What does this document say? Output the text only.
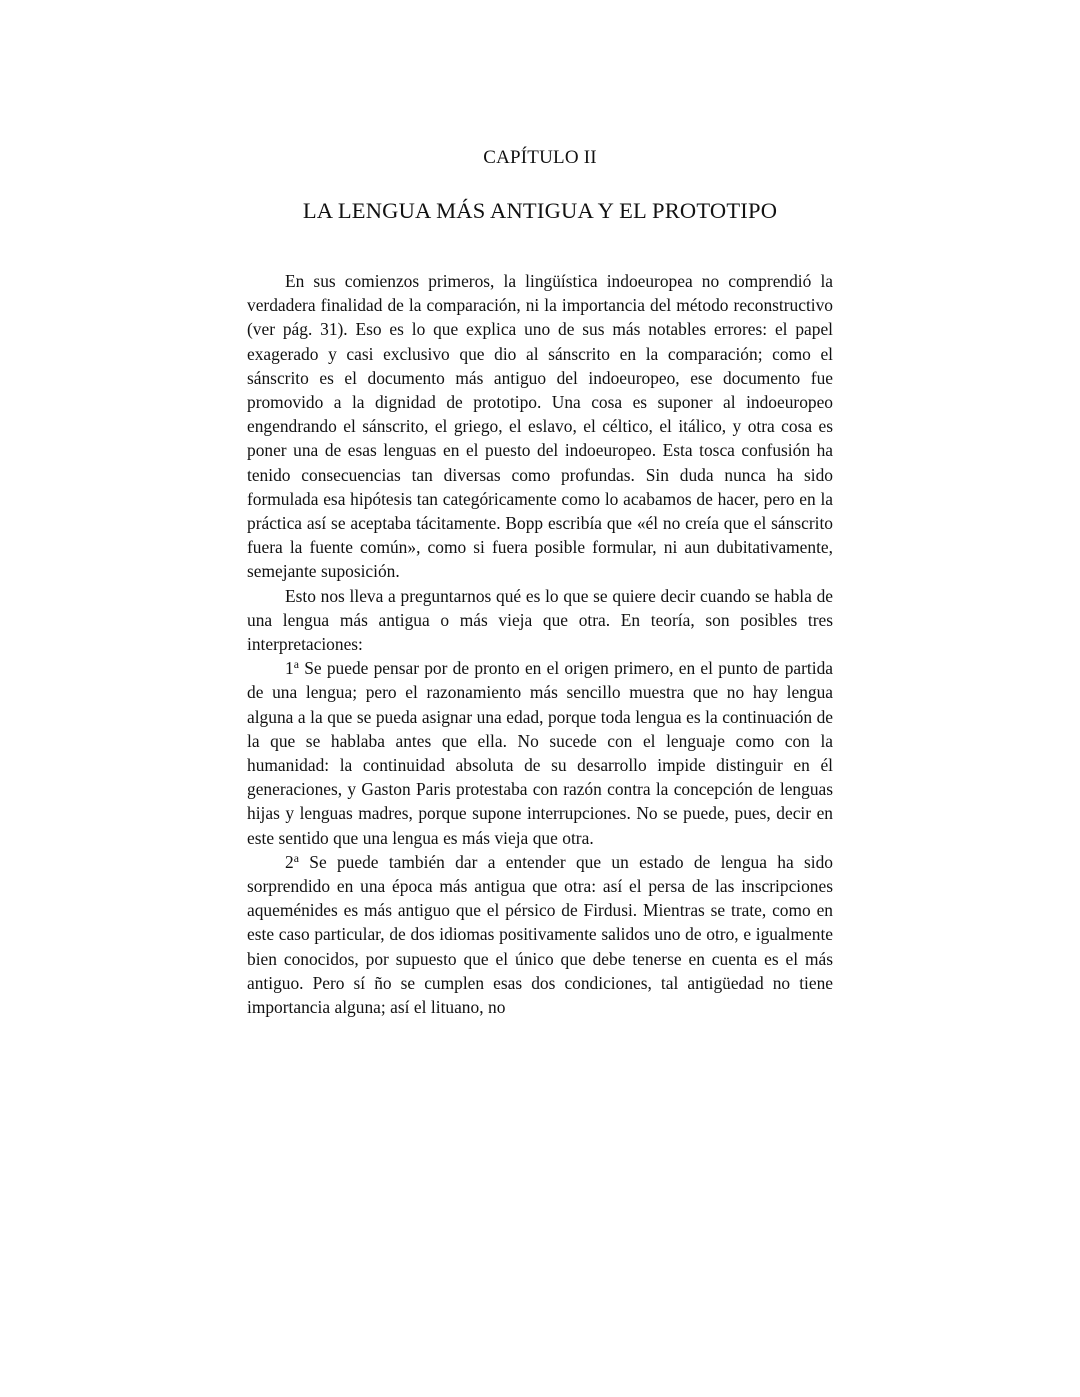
CAPÍTULO II
LA LENGUA MÁS ANTIGUA Y EL PROTOTIPO

En sus comienzos primeros, la lingüística indoeuropea no comprendió la verdadera finalidad de la comparación, ni la importancia del método reconstructivo (ver pág. 31). Eso es lo que explica uno de sus más notables errores: el papel exagerado y casi exclusivo que dio al sánscrito en la comparación; como el sánscrito es el documento más antiguo del indoeuropeo, ese documento fue promovido a la dignidad de prototipo. Una cosa es suponer al indoeuropeo engendrando el sánscrito, el griego, el eslavo, el céltico, el itálico, y otra cosa es poner una de esas lenguas en el puesto del indoeuropeo. Esta tosca confusión ha tenido consecuencias tan diversas como profundas. Sin duda nunca ha sido formulada esa hipótesis tan categóricamente como lo acabamos de hacer, pero en la práctica así se aceptaba tácitamente. Bopp escribía que «él no creía que el sánscrito fuera la fuente común», como si fuera posible formular, ni aun dubitativamente, semejante suposición.

Esto nos lleva a preguntarnos qué es lo que se quiere decir cuando se habla de una lengua más antigua o más vieja que otra. En teoría, son posibles tres interpretaciones:

1$^a$ Se puede pensar por de pronto en el origen primero, en el punto de partida de una lengua; pero el razonamiento más sencillo muestra que no hay lengua alguna a la que se pueda asignar una edad, porque toda lengua es la continuación de la que se hablaba antes que ella. No sucede con el lenguaje como con la humanidad: la continuidad absoluta de su desarrollo impide distinguir en él generaciones, y Gaston Paris protestaba con razón contra la concepción de lenguas hijas y lenguas madres, porque supone interrupciones. No se puede, pues, decir en este sentido que una lengua es más vieja que otra.

2$^a$ Se puede también dar a entender que un estado de lengua ha sido sorprendido en una época más antigua que otra: así el persa de las inscripciones aqueménides es más antiguo que el pérsico de Firdusi. Mientras se trate, como en este caso particular, de dos idiomas positivamente salidos uno de otro, e igualmente bien conocidos, por supuesto que el único que debe tenerse en cuenta es el más antiguo. Pero sí ño se cumplen esas dos condiciones, tal antigüedad no tiene importancia alguna; así el lituano, no
